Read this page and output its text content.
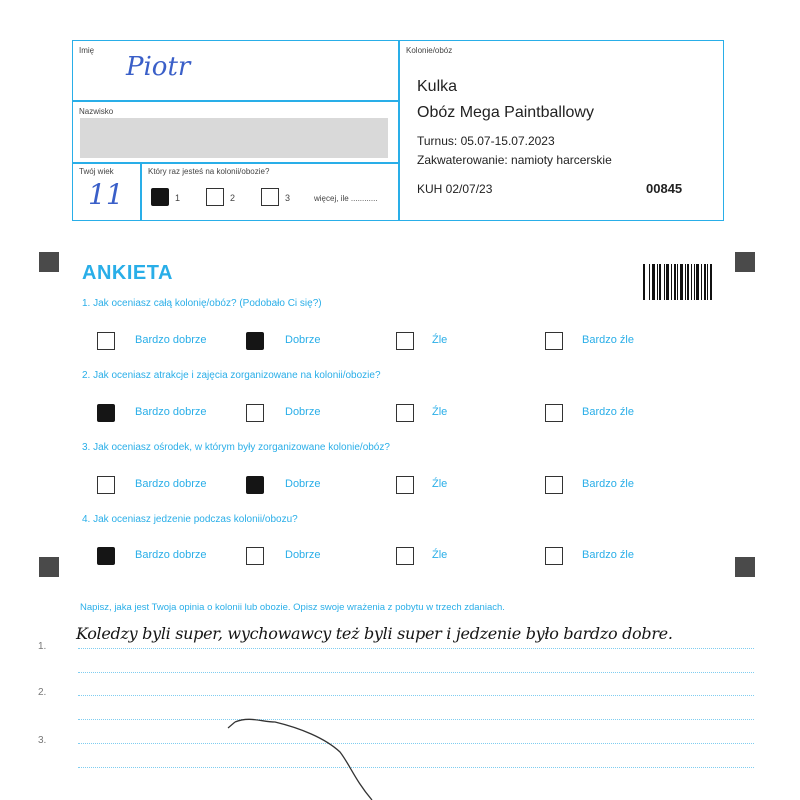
Imię
Piotr
Nazwisko
Twój wiek
11
Który raz jesteś na kolonii/obozie?
1	2	3	więcej, ile ............
Kolonie/obóz
Kulka
Obóz Mega Paintballowy
Turnus: 05.07-15.07.2023
Zakwaterowanie: namioty harcerskie
KUH 02/07/23	00845
ANKIETA
1. Jak oceniasz całą kolonię/obóz? (Podobało Ci się?)
2. Jak oceniasz atrakcje i zajęcia zorganizowane na kolonii/obozie?
3. Jak oceniasz ośrodek, w którym były zorganizowane kolonie/obóz?
4. Jak oceniasz jedzenie podczas kolonii/obozu?
Bardzo dobrze	Dobrze	Źle	Bardzo źle
Bardzo dobrze	Dobrze	Źle	Bardzo źle
Bardzo dobrze	Dobrze	Źle	Bardzo źle
Bardzo dobrze	Dobrze	Źle	Bardzo źle
Napisz, jaka jest Twoja opinia o kolonii lub obozie. Opisz swoje wrażenia z pobytu w trzech zdaniach.
1.
2.
3.
Koledzy byli super, wychowawcy też byli super i jedzenie było bardzo dobre.
